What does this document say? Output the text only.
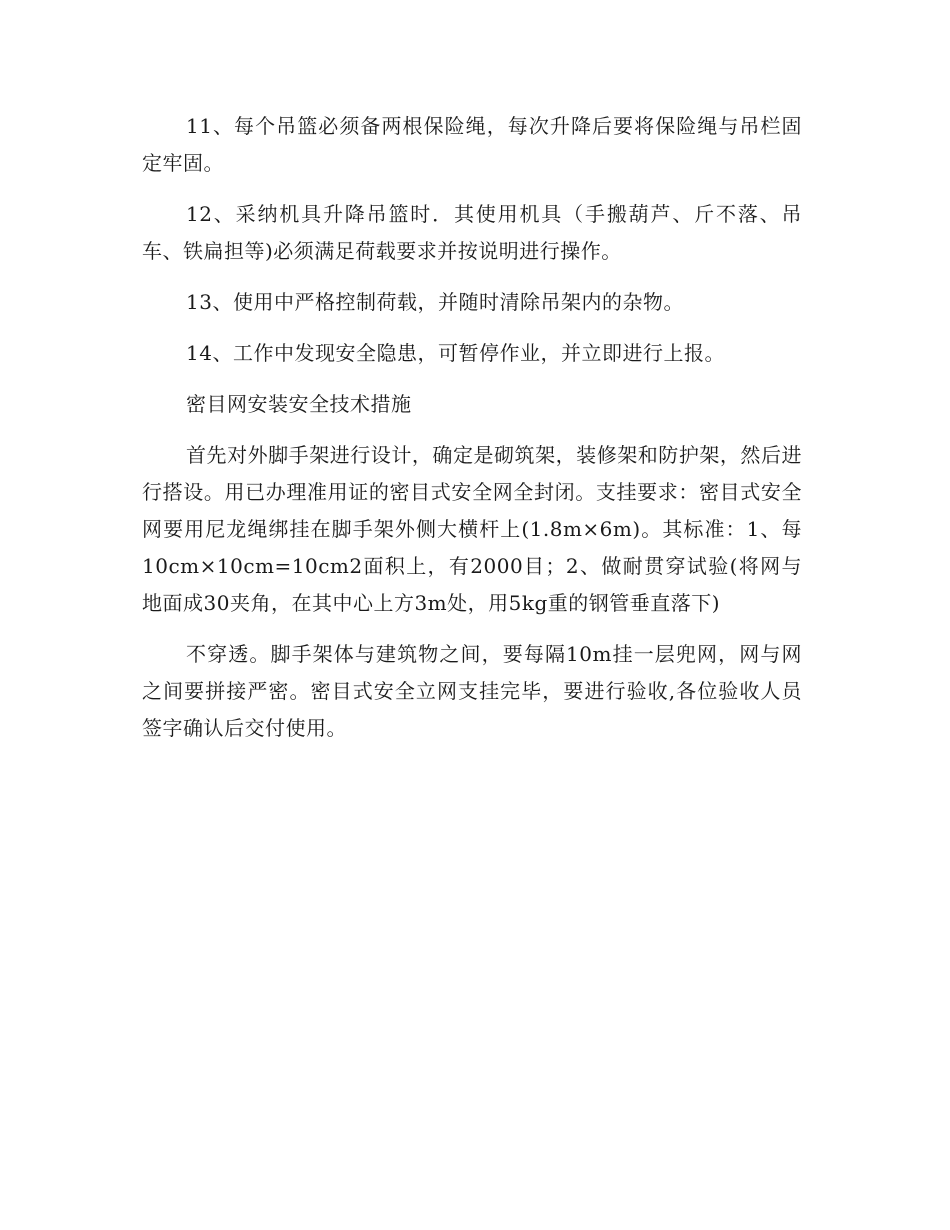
11、每个吊篮必须备两根保险绳，每次升降后要将保险绳与吊栏固定牢固。

12、采纳机具升降吊篮时．其使用机具（手搬葫芦、斤不落、吊车、铁扁担等)必须满足荷载要求并按说明进行操作。

13、使用中严格控制荷载，并随时清除吊架内的杂物。

14、工作中发现安全隐患，可暂停作业，并立即进行上报。

密目网安装安全技术措施

首先对外脚手架进行设计，确定是砌筑架，装修架和防护架，然后进行搭设。用已办理准用证的密目式安全网全封闭。支挂要求：密目式安全网要用尼龙绳绑挂在脚手架外侧大横杆上(1.8m×6m)。其标准：1、每10cm×10cm=10cm2面积上，有2000目；2、做耐贯穿试验(将网与地面成30夹角，在其中心上方3m处，用5kg重的钢管垂直落下)

不穿透。脚手架体与建筑物之间，要每隔10m挂一层兜网，网与网之间要拼接严密。密目式安全立网支挂完毕，要进行验收,各位验收人员签字确认后交付使用。
